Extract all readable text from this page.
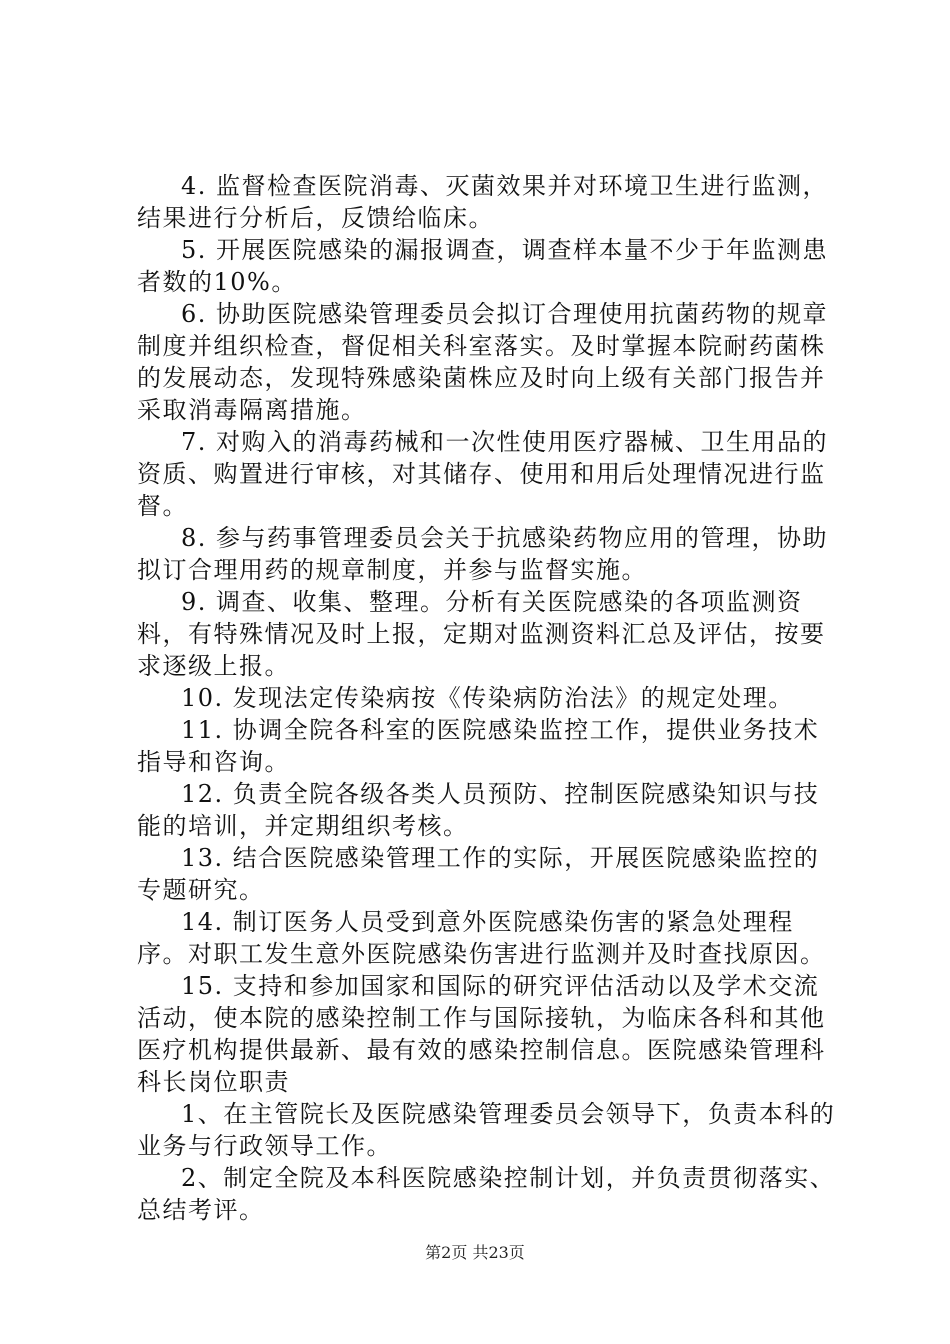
4. 监督检查医院消毒、灭菌效果并对环境卫生进行监测，结果进行分析后，反馈给临床。

5. 开展医院感染的漏报调查，调查样本量不少于年监测患者数的10%。

6. 协助医院感染管理委员会拟订合理使用抗菌药物的规章制度并组织检查，督促相关科室落实。及时掌握本院耐药菌株的发展动态，发现特殊感染菌株应及时向上级有关部门报告并采取消毒隔离措施。

7. 对购入的消毒药械和一次性使用医疗器械、卫生用品的资质、购置进行审核，对其储存、使用和用后处理情况进行监督。

8. 参与药事管理委员会关于抗感染药物应用的管理，协助拟订合理用药的规章制度，并参与监督实施。

9. 调查、收集、整理。分析有关医院感染的各项监测资料，有特殊情况及时上报，定期对监测资料汇总及评估，按要求逐级上报。

10. 发现法定传染病按《传染病防治法》的规定处理。

11. 协调全院各科室的医院感染监控工作，提供业务技术指导和咨询。

12. 负责全院各级各类人员预防、控制医院感染知识与技能的培训，并定期组织考核。

13. 结合医院感染管理工作的实际，开展医院感染监控的专题研究。

14. 制订医务人员受到意外医院感染伤害的紧急处理程序。对职工发生意外医院感染伤害进行监测并及时查找原因。

15. 支持和参加国家和国际的研究评估活动以及学术交流活动，使本院的感染控制工作与国际接轨，为临床各科和其他医疗机构提供最新、最有效的感染控制信息。医院感染管理科科长岗位职责

1、在主管院长及医院感染管理委员会领导下，负责本科的业务与行政领导工作。

2、制定全院及本科医院感染控制计划，并负责贯彻落实、总结考评。

第2页 共23页
